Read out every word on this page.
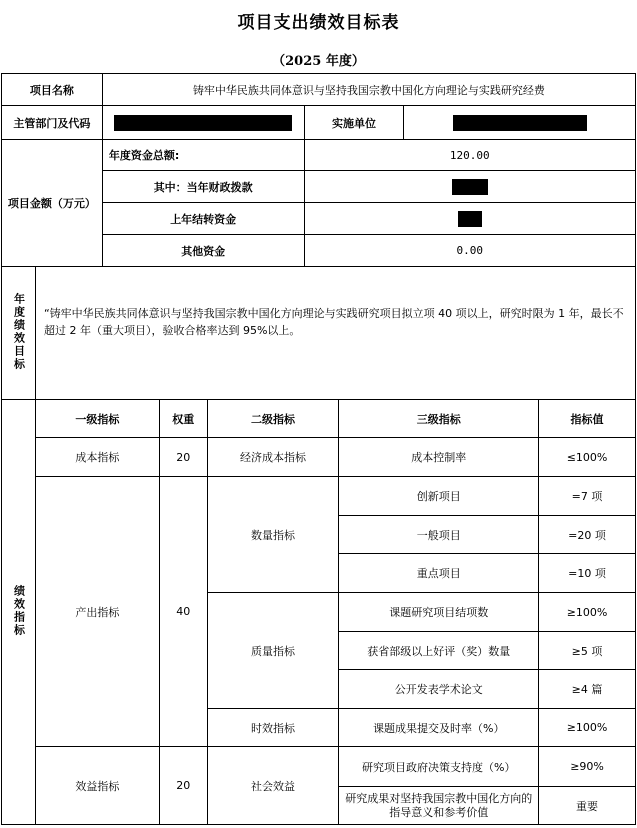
项目支出绩效目标表
（2025 年度）
项目名称	铸牢中华民族共同体意识与坚持我国宗教中国化方向理论与实践研究经费		
主管部门及代码		实施单位	
项目金额（万元）	年度资金总额:	120.00
	其中：当年财政拨款	
	上年结转资金	
	其他资金	0.00
年度绩效目标	“铸牢中华民族共同体意识与坚持我国宗教中国化方向理论与实践研究项目拟立项 40 项以上，研究时限为 1 年，最长不超过 2 年（重大项目），验收合格率达到 95%以上。				
绩效指标	一级指标	权重	二级指标	三级指标	指标值
	成本指标	20	经济成本指标	成本控制率	≤100%
	产出指标	40	数量指标	创新项目	=7 项
				一般项目	=20 项
				重点项目	=10 项
			质量指标	课题研究项目结项数	≥100%
				获省部级以上好评（奖）数量	≥5 项
				公开发表学术论文	≥4 篇
			时效指标	课题成果提交及时率（%）	≥100%
	效益指标	20	社会效益	研究项目政府决策支持度（%）	≥90%
				研究成果对坚持我国宗教中国化方向的指导意义和参考价值	重要
